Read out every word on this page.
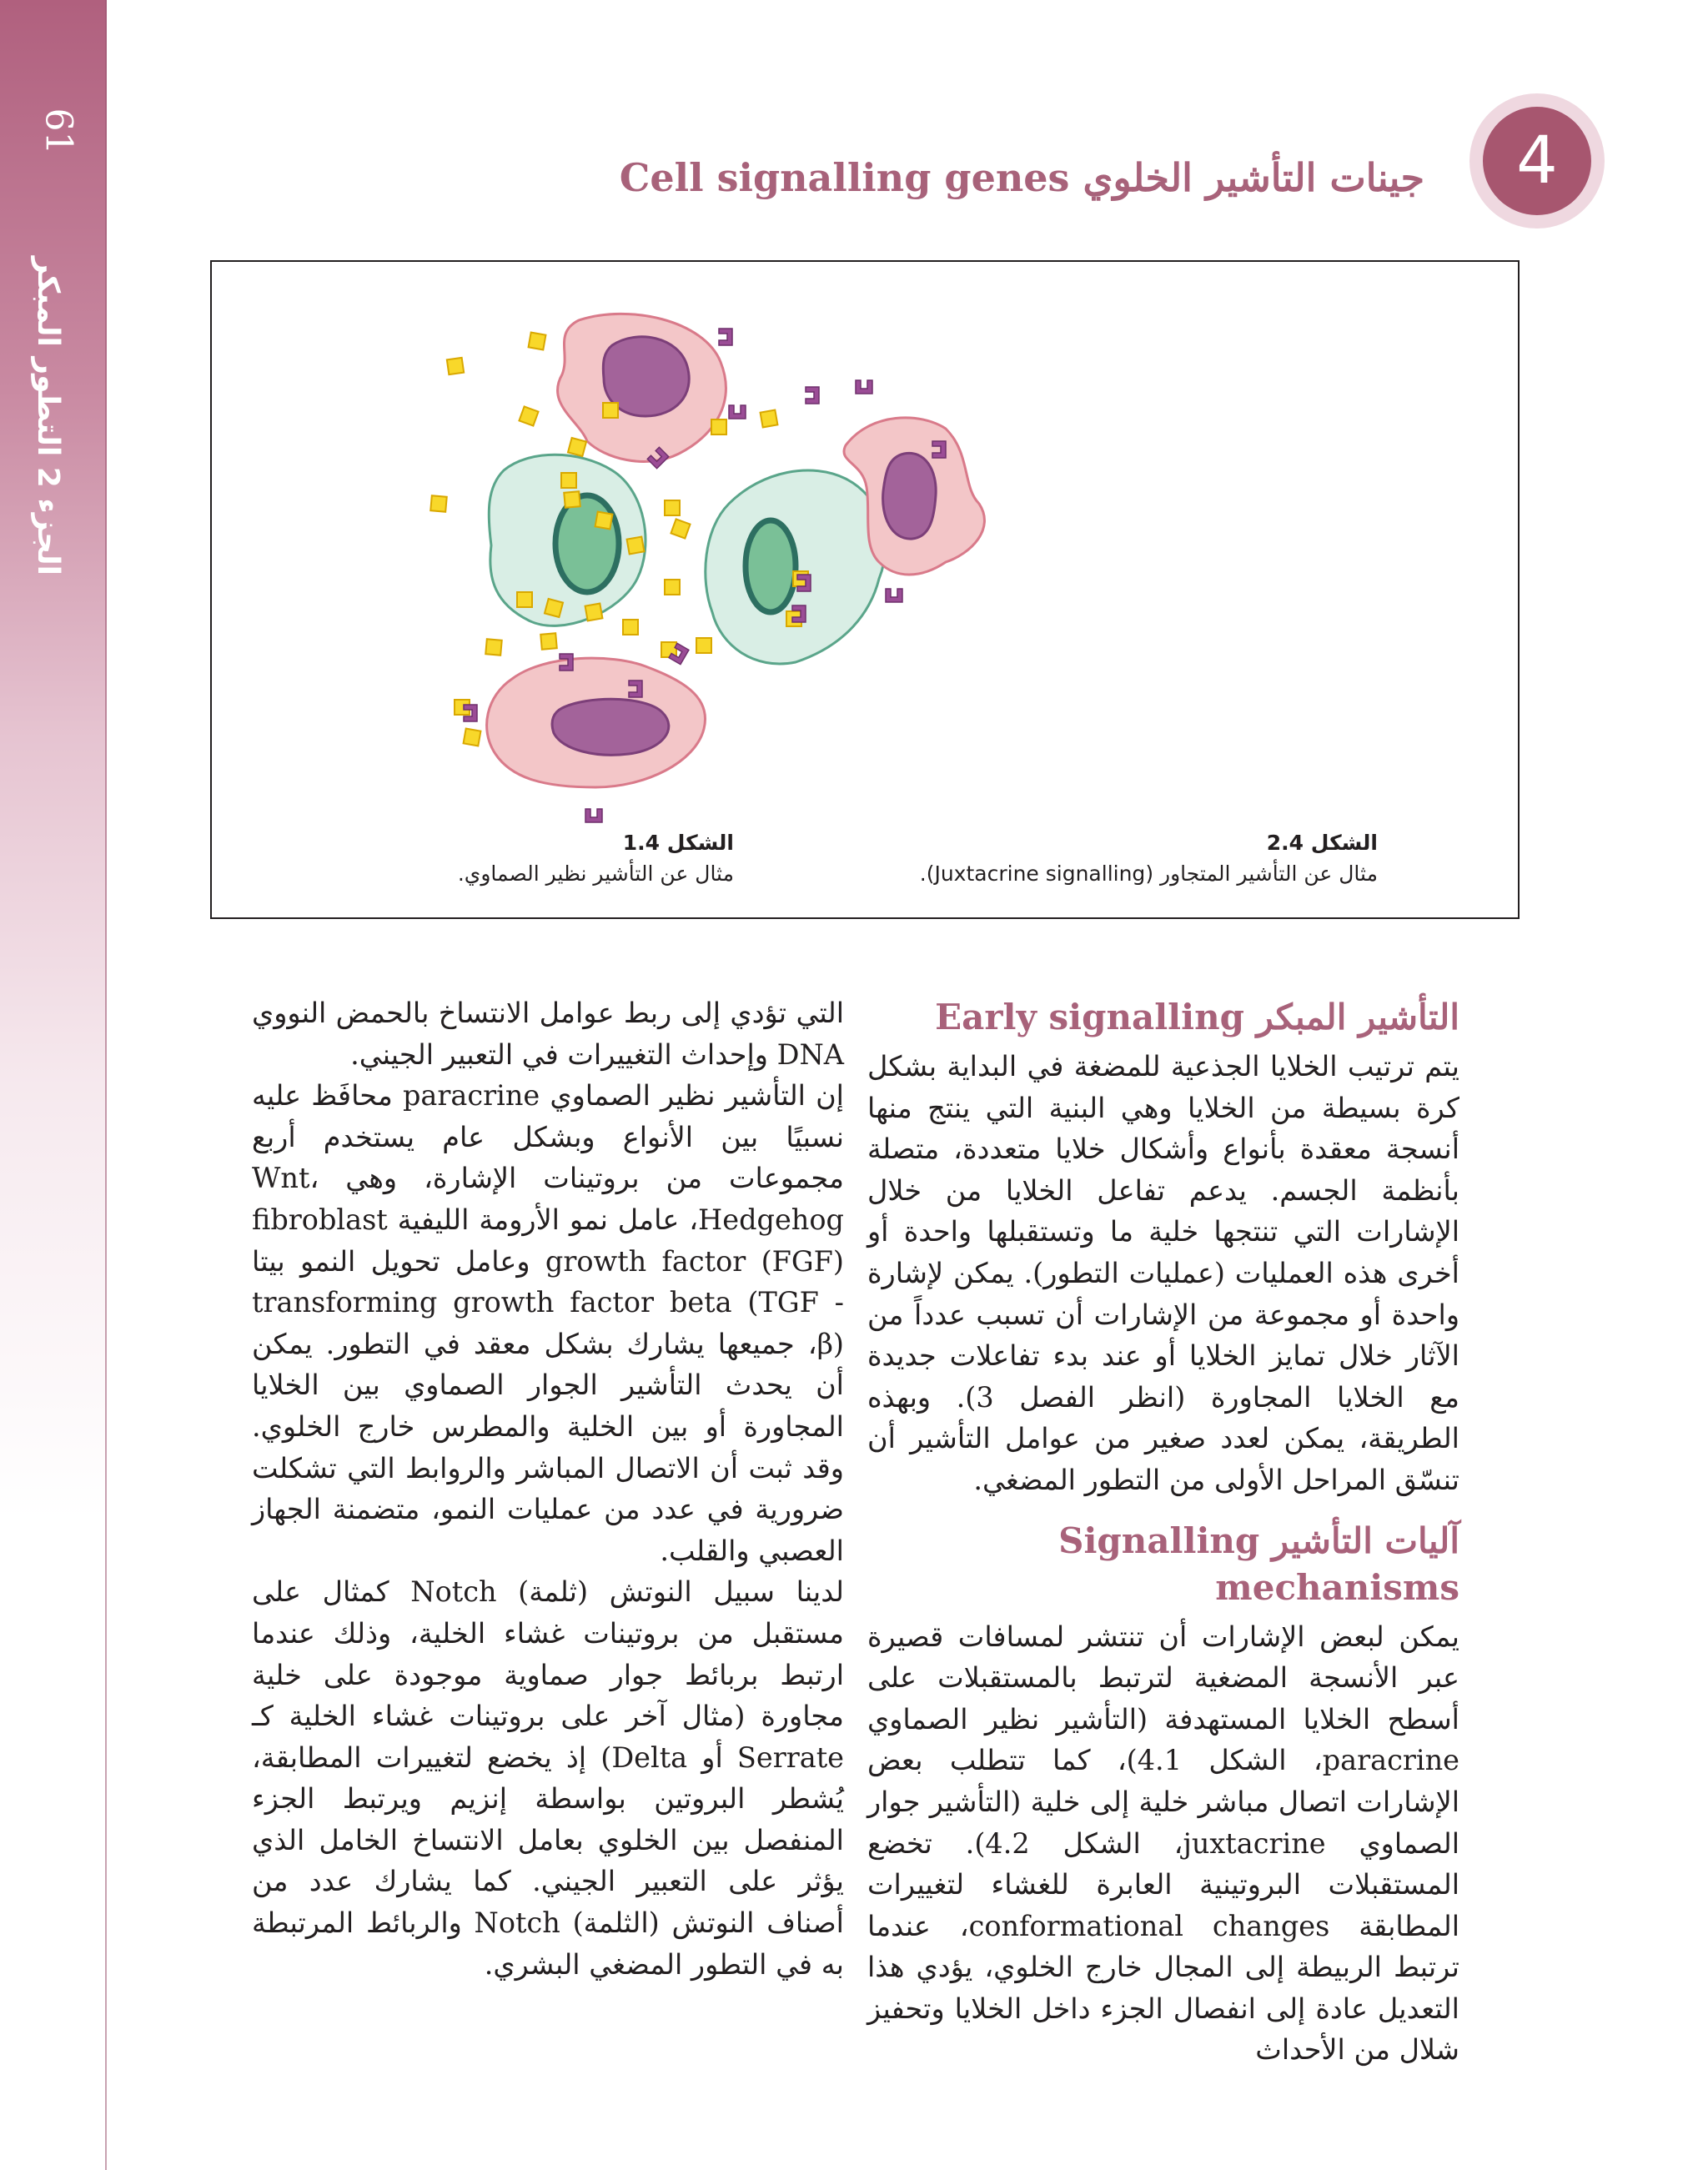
61
الجزء 2 التطور المبكر
4
جينات التأشير الخلوي Cell signalling genes
الشكل 1.4
مثال عن التأشير نظير الصماوي.
الشكل 2.4
مثال عن التأشير المتجاور (Juxtacrine signalling).
التأشير المبكر Early signalling

يتم ترتيب الخلايا الجذعية للمضغة في البداية بشكل كرة بسيطة من الخلايا وهي البنية التي ينتج منها أنسجة معقدة بأنواع وأشكال خلايا متعددة، متصلة بأنظمة الجسم. يدعم تفاعل الخلايا من خلال الإشارات التي تنتجها خلية ما وتستقبلها واحدة أو أخرى هذه العمليات (عمليات التطور). يمكن لإشارة واحدة أو مجموعة من الإشارات أن تسبب عدداً من الآثار خلال تمايز الخلايا أو عند بدء تفاعلات جديدة مع الخلايا المجاورة (انظر الفصل 3). وبهذه الطريقة، يمكن لعدد صغير من عوامل التأشير أن تنسّق المراحل الأولى من التطور المضغي.

آليات التأشير Signalling mechanisms

يمكن لبعض الإشارات أن تنتشر لمسافات قصيرة عبر الأنسجة المضغية لترتبط بالمستقبلات على أسطح الخلايا المستهدفة (التأشير نظير الصماوي paracrine، الشكل 4.1)، كما تتطلب بعض الإشارات اتصال مباشر خلية إلى خلية (التأشير جوار الصماوي juxtacrine، الشكل 4.2). تخضع المستقبلات البروتينية العابرة للغشاء لتغييرات المطابقة conformational changes، عندما ترتبط الربيطة إلى المجال خارج الخلوي، يؤدي هذا التعديل عادة إلى انفصال الجزء داخل الخلايا وتحفيز شلال من الأحداث

التي تؤدي إلى ربط عوامل الانتساخ بالحمض النووي DNA وإحداث التغييرات في التعبير الجيني.

إن التأشير نظير الصماوي paracrine محافَظ عليه نسبيًا بين الأنواع وبشكل عام يستخدم أربع مجموعات من بروتينات الإشارة، وهي Wnt، Hedgehog، عامل نمو الأرومة الليفية fibroblast growth factor (FGF) وعامل تحويل النمو بيتا transforming growth factor beta (TGF - β)، جميعها يشارك بشكل معقد في التطور. يمكن أن يحدث التأشير الجوار الصماوي بين الخلايا المجاورة أو بين الخلية والمطرس خارج الخلوي. وقد ثبت أن الاتصال المباشر والروابط التي تشكلت ضرورية في عدد من عمليات النمو، متضمنة الجهاز العصبي والقلب.

لدينا سبيل النوتش (ثلمة) Notch كمثال على مستقبل من بروتينات غشاء الخلية، وذلك عندما ارتبط بربائط جوار صماوية موجودة على خلية مجاورة (مثال آخر على بروتينات غشاء الخلية كـ Serrate أو Delta) إذ يخضع لتغييرات المطابقة، يُشطر البروتين بواسطة إنزيم ويرتبط الجزء المنفصل بين الخلوي بعامل الانتساخ الخامل الذي يؤثر على التعبير الجيني. كما يشارك عدد من أصناف النوتش (الثلمة) Notch والربائط المرتبطة به في التطور المضغي البشري.
